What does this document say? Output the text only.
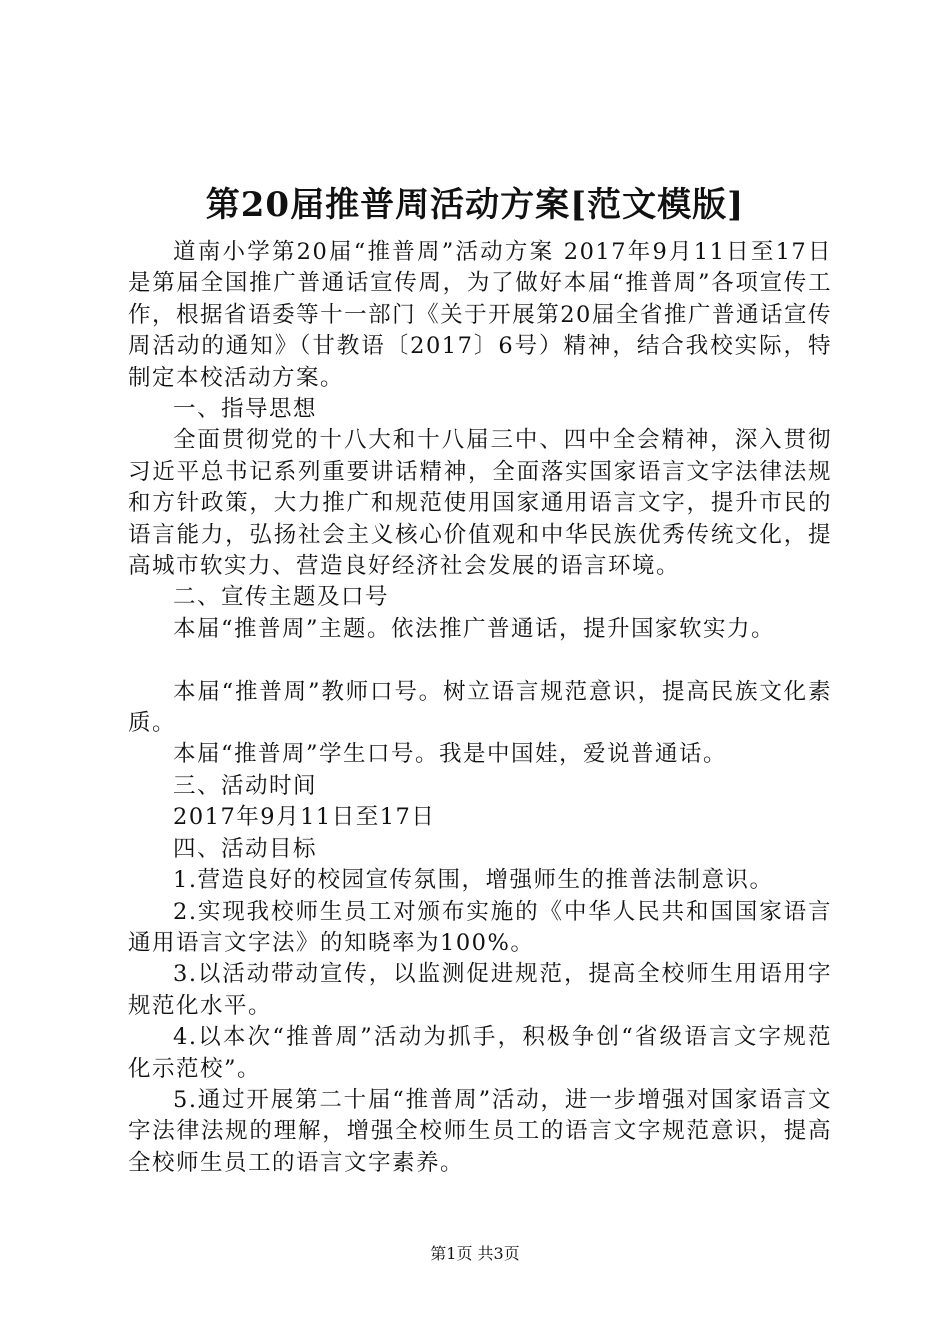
第20届推普周活动方案[范文模版]

道南小学第20届“推普周”活动方案 2017年9月11日至17日是第届全国推广普通话宣传周，为了做好本届“推普周”各项宣传工作，根据省语委等十一部门《关于开展第20届全省推广普通话宣传周活动的通知》（甘教语〔2017〕6号）精神，结合我校实际，特制定本校活动方案。

一、指导思想

全面贯彻党的十八大和十八届三中、四中全会精神，深入贯彻习近平总书记系列重要讲话精神，全面落实国家语言文字法律法规和方针政策，大力推广和规范使用国家通用语言文字，提升市民的语言能力，弘扬社会主义核心价值观和中华民族优秀传统文化，提高城市软实力、营造良好经济社会发展的语言环境。

二、宣传主题及口号

本届“推普周”主题。依法推广普通话，提升国家软实力。

本届“推普周”教师口号。树立语言规范意识，提高民族文化素质。

本届“推普周”学生口号。我是中国娃，爱说普通话。

三、活动时间

2017年9月11日至17日

四、活动目标

1.营造良好的校园宣传氛围，增强师生的推普法制意识。

2.实现我校师生员工对颁布实施的《中华人民共和国国家语言通用语言文字法》的知晓率为100%。

3.以活动带动宣传，以监测促进规范，提高全校师生用语用字规范化水平。

4.以本次“推普周”活动为抓手，积极争创“省级语言文字规范化示范校”。

5.通过开展第二十届“推普周”活动，进一步增强对国家语言文字法律法规的理解，增强全校师生员工的语言文字规范意识，提高全校师生员工的语言文字素养。

第1页 共3页
